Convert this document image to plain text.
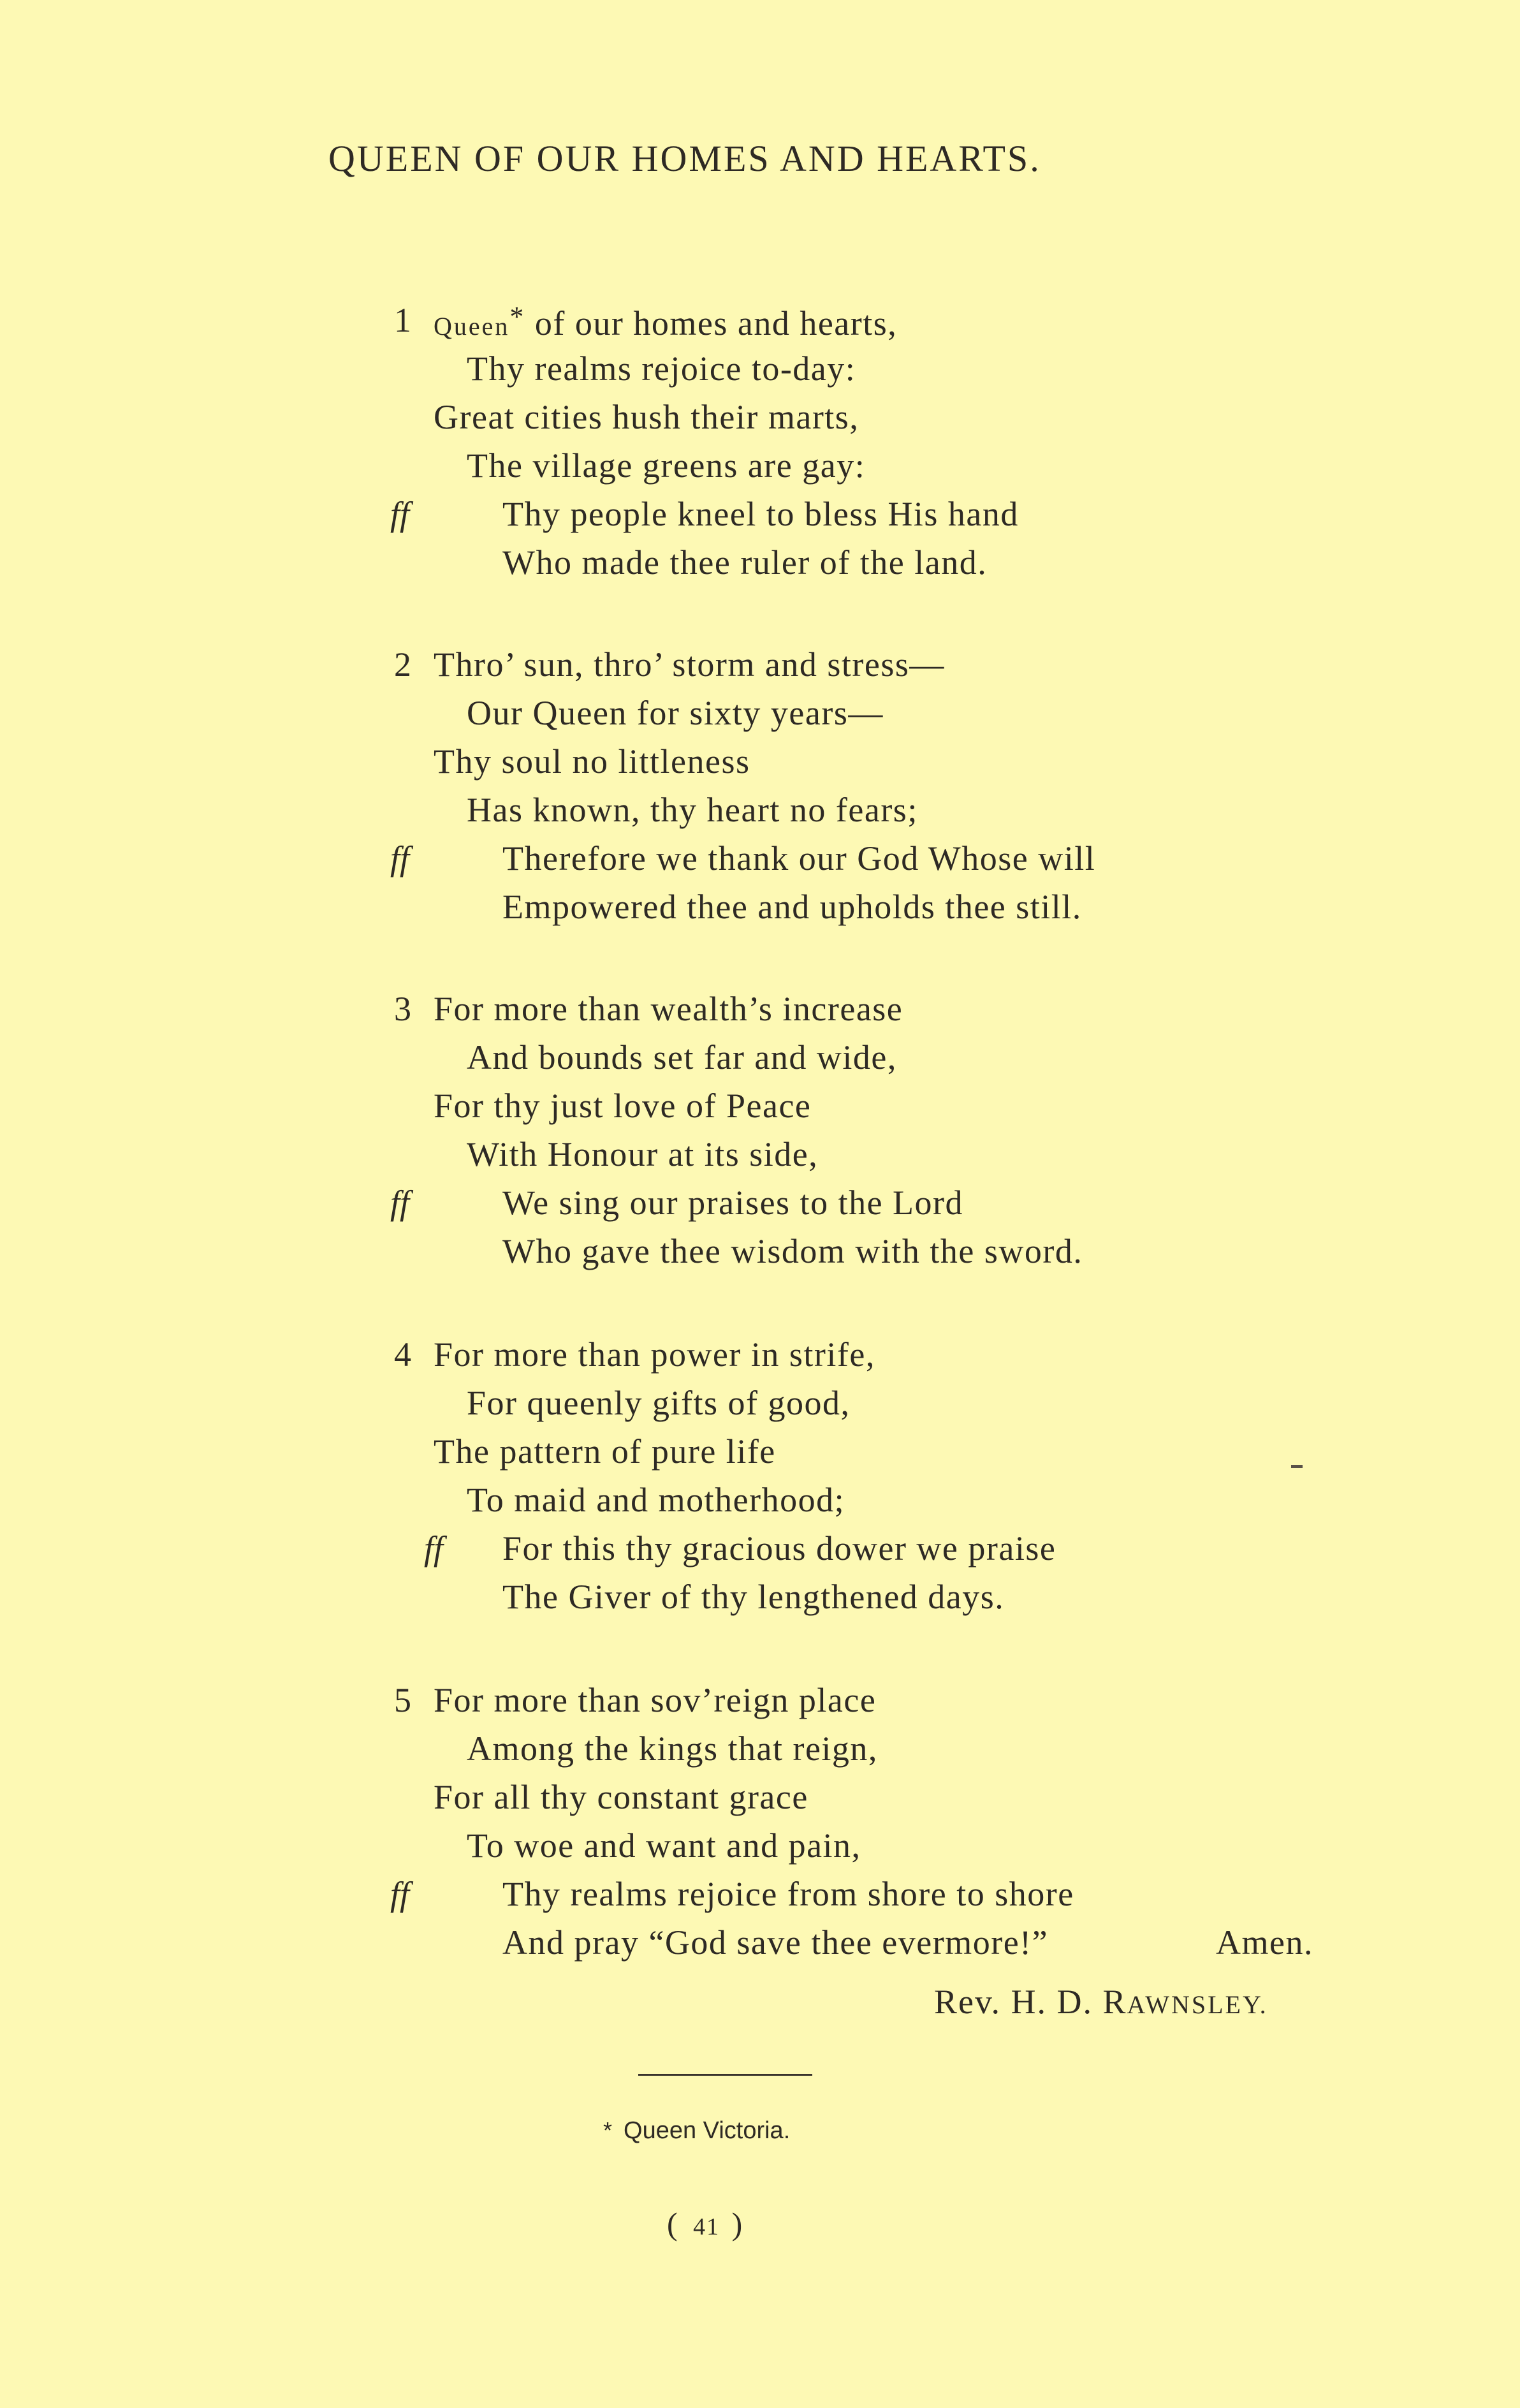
QUEEN OF OUR HOMES AND HEARTS.
1 Queen* of our homes and hearts,
Thy realms rejoice to-day:
Great cities hush their marts,
The village greens are gay:
ff	Thy people kneel to bless His hand
Who made thee ruler of the land.
2 Thro’ sun, thro’ storm and stress—
Our Queen for sixty years—
Thy soul no littleness
Has known, thy heart no fears;
ff	Therefore we thank our God Whose will
Empowered thee and upholds thee still.
3 For more than wealth’s increase
And bounds set far and wide,
For thy just love of Peace
With Honour at its side,
ff	We sing our praises to the Lord
Who gave thee wisdom with the sword.
4 For more than power in strife,
For queenly gifts of good,
The pattern of pure life
To maid and motherhood;
ff For this thy gracious dower we praise
The Giver of thy lengthened days.
5 For more than sov’reign place
Among the kings that reign,
For all thy constant grace
To woe and want and pain,
ff	Thy realms rejoice from shore to shore
And pray “God save thee evermore!”	Amen.
Rev. H. D. RAWNSLEY.
* Queen Victoria.
( 41 )
